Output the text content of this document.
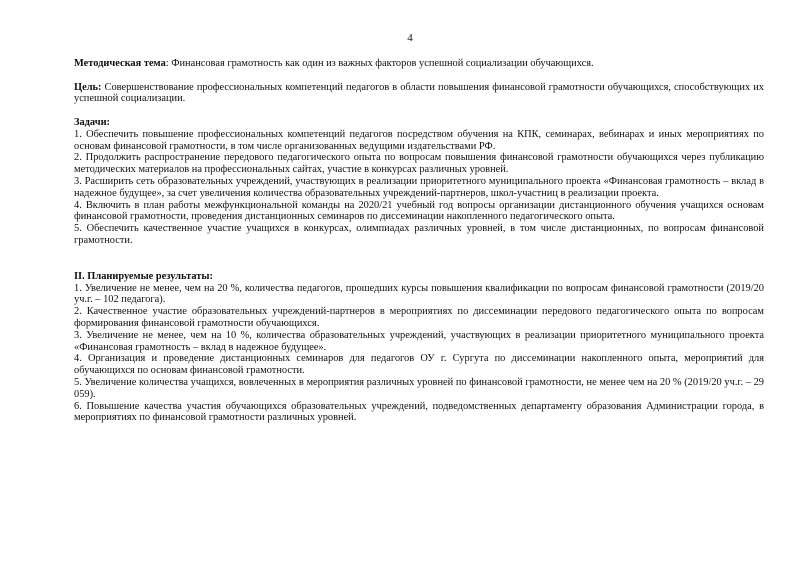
4

Методическая тема: Финансовая грамотность как один из важных факторов успешной социализации обучающихся.

Цель: Совершенствование профессиональных компетенций педагогов в области повышения финансовой грамотности обучающихся, способствующих их успешной социализации.

Задачи:

1. Обеспечить повышение профессиональных компетенций педагогов посредством обучения на КПК, семинарах, вебинарах и иных мероприятиях по основам финансовой грамотности, в том числе организованных ведущими издательствами РФ.

2. Продолжить распространение передового педагогического опыта по вопросам повышения финансовой грамотности обучающихся через публикацию методических материалов на профессиональных сайтах, участие в конкурсах различных уровней.

3. Расширить сеть образовательных учреждений, участвующих в реализации приоритетного муниципального проекта «Финансовая грамотность – вклад в надежное будущее», за счет увеличения количества образовательных учреждений-партнеров, школ-участниц в реализации проекта.

4. Включить в план работы межфункциональной команды на 2020/21 учебный год вопросы организации дистанционного обучения учащихся основам финансовой грамотности, проведения дистанционных семинаров по диссеминации накопленного педагогического опыта.

5. Обеспечить качественное участие учащихся в конкурсах, олимпиадах различных уровней, в том числе дистанционных, по вопросам финансовой грамотности.

II. Планируемые результаты:

1. Увеличение не менее, чем на 20 %, количества педагогов, прошедших курсы повышения квалификации по вопросам финансовой грамотности (2019/20 уч.г. – 102 педагога).

2. Качественное участие образовательных учреждений-партнеров в мероприятиях по диссеминации передового педагогического опыта по вопросам формирования финансовой грамотности обучающихся.

3. Увеличение не менее, чем на 10 %, количества образовательных учреждений, участвующих в реализации приоритетного муниципального проекта «Финансовая грамотность – вклад в надежное будущее».

4. Организация и проведение дистанционных семинаров для педагогов ОУ г. Сургута по диссеминации накопленного опыта, мероприятий для обучающихся по основам финансовой грамотности.

5. Увеличение количества учащихся, вовлеченных в мероприятия различных уровней по финансовой грамотности, не менее чем на 20 % (2019/20 уч.г. – 29 059).

6. Повышение качества участия обучающихся образовательных учреждений, подведомственных департаменту образования Администрации города, в мероприятиях по финансовой грамотности различных уровней.
